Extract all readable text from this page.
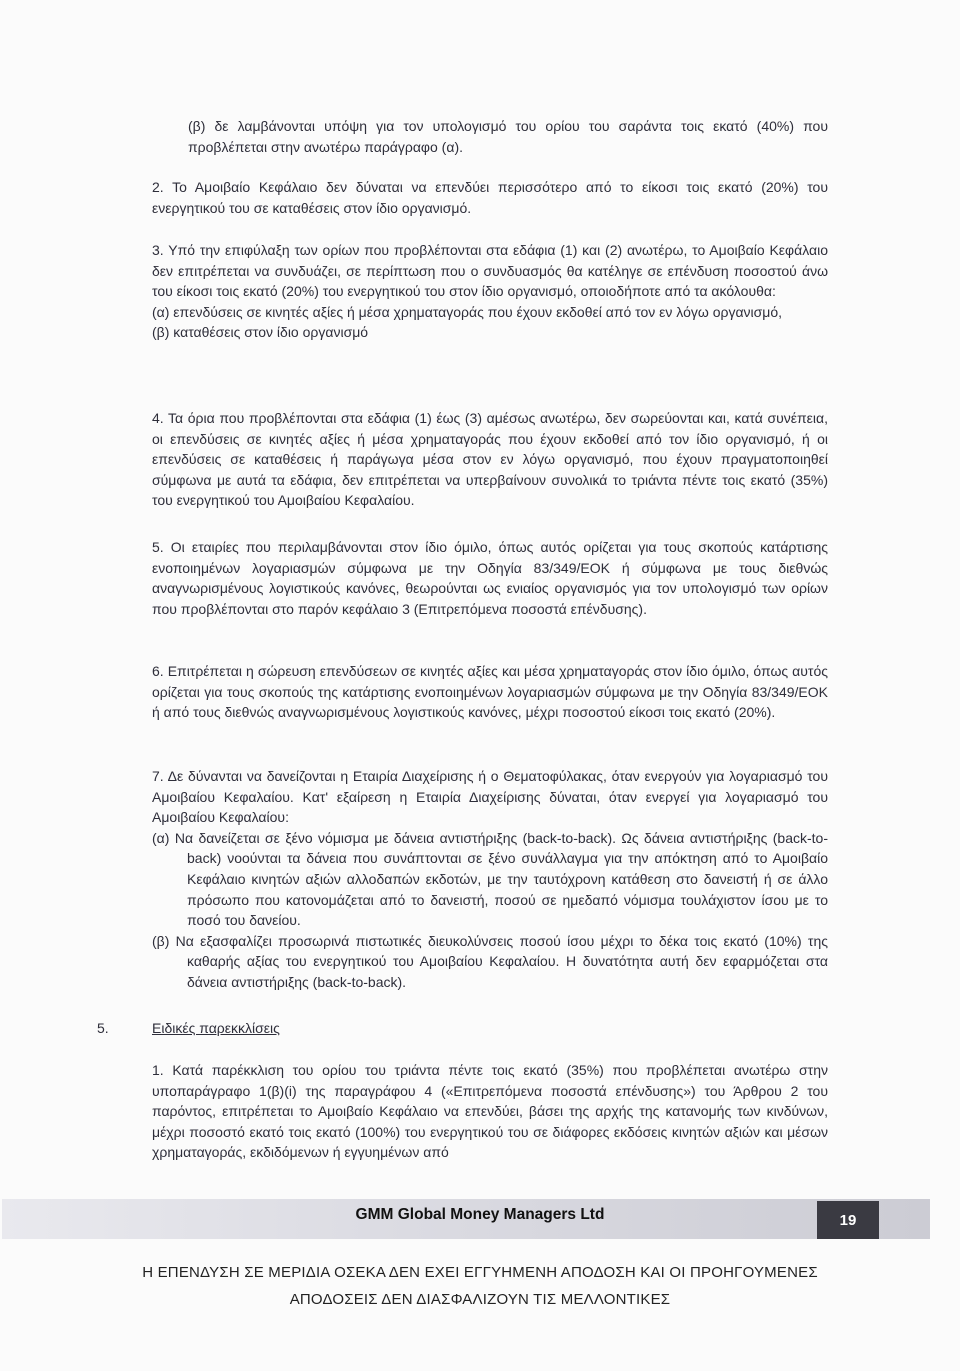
(β) δε λαμβάνονται υπόψη για τον υπολογισμό του ορίου του σαράντα τοις εκατό (40%) που προβλέπεται στην ανωτέρω παράγραφο (α).

2. Το Αμοιβαίο Κεφάλαιο δεν δύναται να επενδύει περισσότερο από το είκοσι τοις εκατό (20%) του ενεργητικού του σε καταθέσεις στον ίδιο οργανισμό.

3. Υπό την επιφύλαξη των ορίων που προβλέπονται στα εδάφια (1) και (2) ανωτέρω, το Αμοιβαίο Κεφάλαιο δεν επιτρέπεται να συνδυάζει, σε περίπτωση που ο συνδυασμός θα κατέληγε σε επένδυση ποσοστού άνω του είκοσι τοις εκατό (20%) του ενεργητικού του στον ίδιο οργανισμό, οποιοδήποτε από τα ακόλουθα:

(α) επενδύσεις σε κινητές αξίες ή μέσα χρηματαγοράς που έχουν εκδοθεί από τον εν λόγω οργανισμό,

(β) καταθέσεις στον ίδιο οργανισμό

4. Τα όρια που προβλέπονται στα εδάφια (1) έως (3) αμέσως ανωτέρω, δεν σωρεύονται και, κατά συνέπεια, οι επενδύσεις σε κινητές αξίες ή μέσα χρηματαγοράς που έχουν εκδοθεί από τον ίδιο οργανισμό, ή οι επενδύσεις σε καταθέσεις ή παράγωγα μέσα στον εν λόγω οργανισμό, που έχουν πραγματοποιηθεί σύμφωνα με αυτά τα εδάφια, δεν επιτρέπεται να υπερβαίνουν συνολικά το τριάντα πέντε τοις εκατό (35%) του ενεργητικού του Αμοιβαίου Κεφαλαίου.

5. Οι εταιρίες που περιλαμβάνονται στον ίδιο όμιλο, όπως αυτός ορίζεται για τους σκοπούς κατάρτισης ενοποιημένων λογαριασμών σύμφωνα με την Οδηγία 83/349/ΕΟΚ ή σύμφωνα με τους διεθνώς αναγνωρισμένους λογιστικούς κανόνες, θεωρούνται ως ενιαίος οργανισμός για τον υπολογισμό των ορίων που προβλέπονται στο παρόν κεφάλαιο 3 (Επιτρεπόμενα ποσοστά επένδυσης).

6. Επιτρέπεται η σώρευση επενδύσεων σε κινητές αξίες και μέσα χρηματαγοράς στον ίδιο όμιλο, όπως αυτός ορίζεται για τους σκοπούς της κατάρτισης ενοποιημένων λογαριασμών σύμφωνα με την Οδηγία 83/349/ΕΟΚ ή από τους διεθνώς αναγνωρισμένους λογιστικούς κανόνες, μέχρι ποσοστού είκοσι τοις εκατό (20%).

7. Δε δύνανται να δανείζονται η Εταιρία Διαχείρισης ή ο Θεματοφύλακας, όταν ενεργούν για λογαριασμό του Αμοιβαίου Κεφαλαίου. Κατ' εξαίρεση η Εταιρία Διαχείρισης δύναται, όταν ενεργεί για λογαριασμό του Αμοιβαίου Κεφαλαίου:

(α) Να δανείζεται σε ξένο νόμισμα με δάνεια αντιστήριξης (back-to-back). Ως δάνεια αντιστήριξης (back-to-back) νοούνται τα δάνεια που συνάπτονται σε ξένο συνάλλαγμα για την απόκτηση από το Αμοιβαίο Κεφάλαιο κινητών αξιών αλλοδαπών εκδοτών, με την ταυτόχρονη κατάθεση στο δανειστή ή σε άλλο πρόσωπο που κατονομάζεται από το δανειστή, ποσού σε ημεδαπό νόμισμα τουλάχιστον ίσου με το ποσό του δανείου.

(β) Να εξασφαλίζει προσωρινά πιστωτικές διευκολύνσεις ποσού ίσου μέχρι το δέκα τοις εκατό (10%) της καθαρής αξίας του ενεργητικού του Αμοιβαίου Κεφαλαίου. Η δυνατότητα αυτή δεν εφαρμόζεται στα δάνεια αντιστήριξης (back-to-back).

5.	Ειδικές παρεκκλίσεις

1. Κατά παρέκκλιση του ορίου του τριάντα πέντε τοις εκατό (35%) που προβλέπεται ανωτέρω στην υποπαράγραφο 1(β)(i) της παραγράφου 4 («Επιτρεπόμενα ποσοστά επένδυσης») του Άρθρου 2 του παρόντος, επιτρέπεται το Αμοιβαίο Κεφάλαιο να επενδύει, βάσει της αρχής της κατανομής των κινδύνων, μέχρι ποσοστό εκατό τοις εκατό (100%) του ενεργητικού του σε διάφορες εκδόσεις κινητών αξιών και μέσων χρηματαγοράς, εκδιδόμενων ή εγγυημένων από

GMM Global Money Managers Ltd	19
Η ΕΠΕΝΔΥΣΗ ΣΕ ΜΕΡΙΔΙΑ ΟΣΕΚΑ ΔΕΝ ΕΧΕΙ ΕΓΓΥΗΜΕΝΗ ΑΠΟΔΟΣΗ ΚΑΙ ΟΙ ΠΡΟΗΓΟΥΜΕΝΕΣ
ΑΠΟΔΟΣΕΙΣ ΔΕΝ ΔΙΑΣΦΑΛΙΖΟΥΝ ΤΙΣ ΜΕΛΛΟΝΤΙΚΕΣ
